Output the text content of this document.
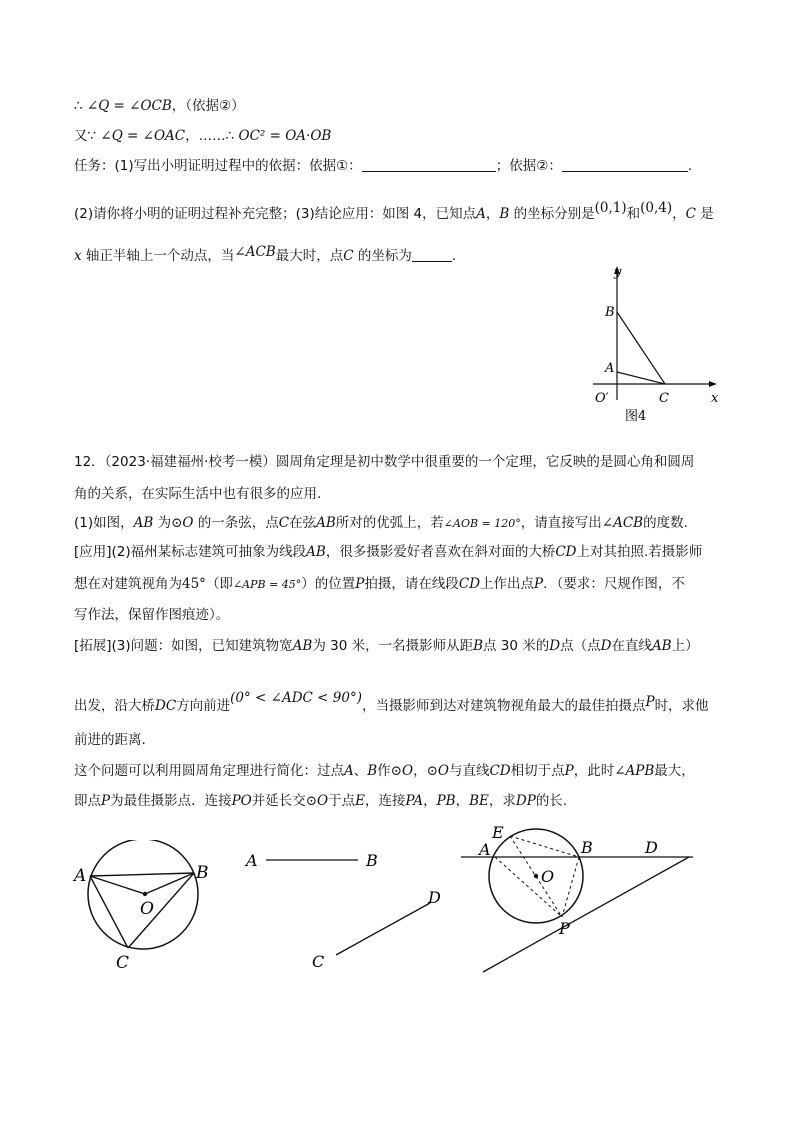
∴ ∠Q = ∠OCB，（依据②）
又∵ ∠Q = ∠OAC，……∴ OC² = OA·OB
任务：(1)写出小明证明过程中的依据：依据①：	；依据②：	.
(2)请你将小明的证明过程补充完整；(3)结论应用：如图 4，已知点A，B 的坐标分别是(0,1)和(0,4)，C 是
x 轴正半轴上一个动点，当∠ACB最大时，点C 的坐标为	.
y
B
A
O′	C	x
图4
12．（2023·福建福州·校考一模）圆周角定理是初中数学中很重要的一个定理，它反映的是圆心角和圆周
角的关系，在实际生活中也有很多的应用.
(1)如图，AB 为⊙O 的一条弦，点C在弦AB所对的优弧上，若∠AOB = 120°，请直接写出∠ACB的度数.
[应用](2)福州某标志建筑可抽象为线段AB，很多摄影爱好者喜欢在斜对面的大桥CD上对其拍照.若摄影师
想在对建筑视角为45°（即∠APB = 45°）的位置P拍摄，请在线段CD上作出点P．（要求：尺规作图，不
写作法，保留作图痕迹）。
[拓展](3)问题：如图，已知建筑物宽AB为 30 米，一名摄影师从距B点 30 米的D点（点D在直线AB上）
出发，沿大桥DC方向前进(0° < ∠ADC < 90°)，当摄影师到达对建筑物视角最大的最佳拍摄点P时，求他
前进的距离.
这个问题可以利用圆周角定理进行简化：过点A、B作⊙O，⊙O与直线CD相切于点P，此时∠APB最大，
即点P为最佳摄影点．连接PO并延长交⊙O于点E，连接PA，PB，BE，求DP的长.
A	B
O
C
A	B
C
D
E
A	B	D
O
P
